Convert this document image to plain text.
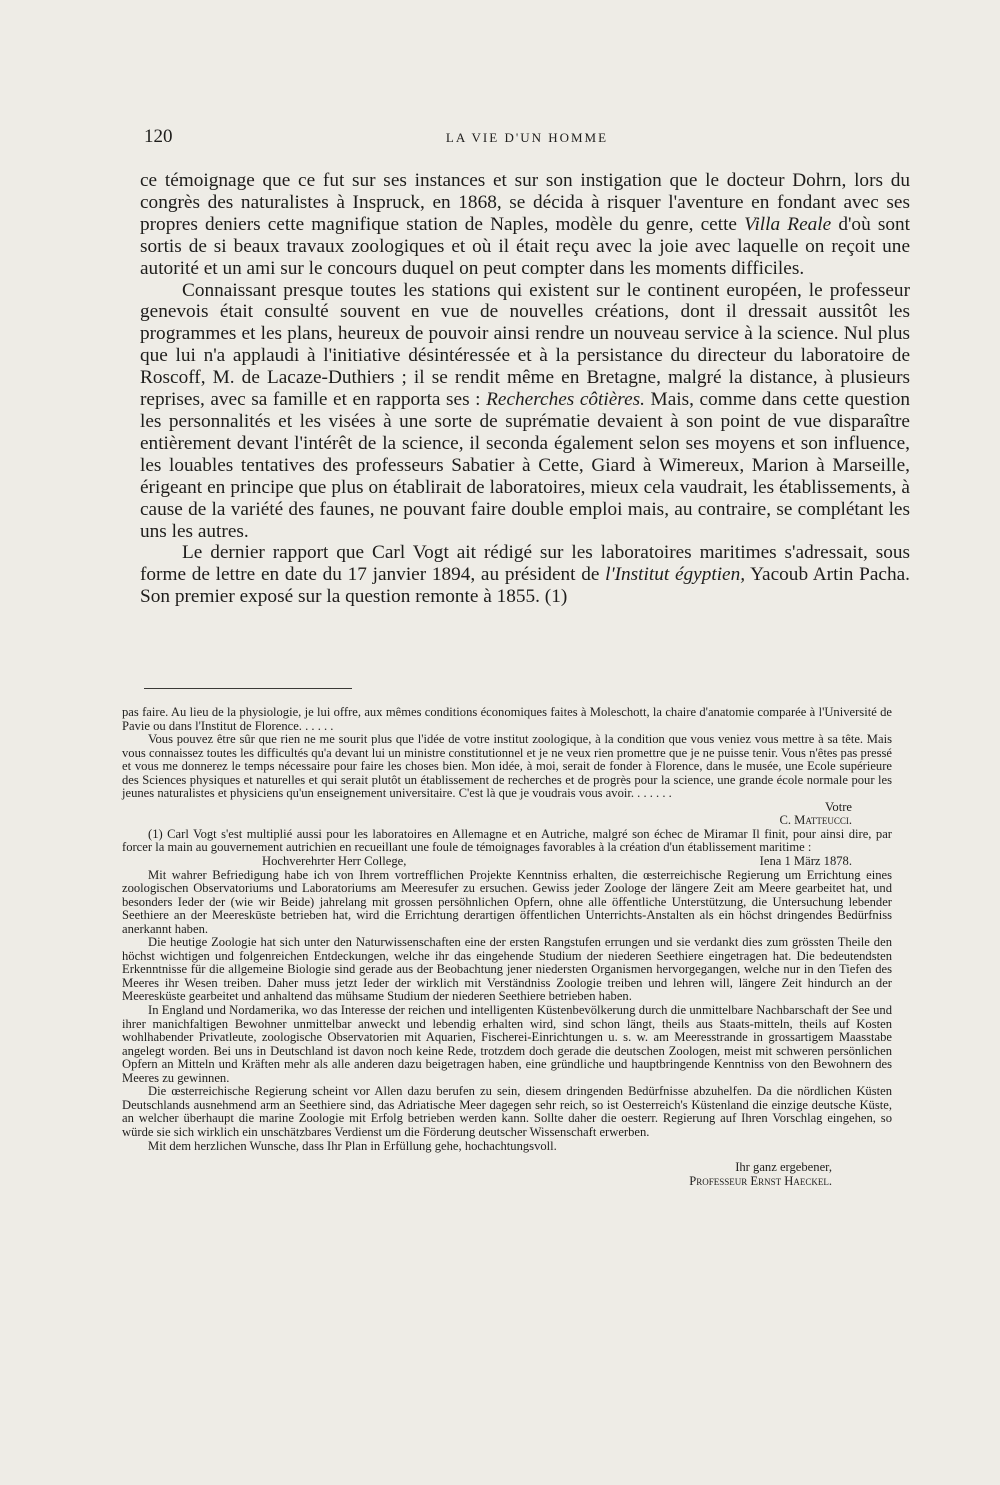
120	LA VIE D'UN HOMME

ce témoignage que ce fut sur ses instances et sur son instigation que le docteur Dohrn, lors du congrès des naturalistes à Inspruck, en 1868, se décida à risquer l'aventure en fondant avec ses propres deniers cette magnifique station de Naples, modèle du genre, cette Villa Reale d'où sont sortis de si beaux travaux zoologiques et où il était reçu avec la joie avec laquelle on reçoit une autorité et un ami sur le concours duquel on peut compter dans les moments difficiles.

Connaissant presque toutes les stations qui existent sur le continent européen, le professeur genevois était consulté souvent en vue de nouvelles créations, dont il dressait aussitôt les programmes et les plans, heureux de pouvoir ainsi rendre un nouveau service à la science. Nul plus que lui n'a applaudi à l'initiative désintéressée et à la persistance du directeur du laboratoire de Roscoff, M. de Lacaze-Duthiers ; il se rendit même en Bretagne, malgré la distance, à plusieurs reprises, avec sa famille et en rapporta ses : Recherches côtières. Mais, comme dans cette question les personnalités et les visées à une sorte de suprématie devaient à son point de vue disparaître entièrement devant l'intérêt de la science, il seconda également selon ses moyens et son influence, les louables tentatives des professeurs Sabatier à Cette, Giard à Wimereux, Marion à Marseille, érigeant en principe que plus on établirait de laboratoires, mieux cela vaudrait, les établissements, à cause de la variété des faunes, ne pouvant faire double emploi mais, au contraire, se complétant les uns les autres.

Le dernier rapport que Carl Vogt ait rédigé sur les laboratoires maritimes s'adressait, sous forme de lettre en date du 17 janvier 1894, au président de l'Institut égyptien, Yacoub Artin Pacha. Son premier exposé sur la question remonte à 1855. (1)

pas faire. Au lieu de la physiologie, je lui offre, aux mêmes conditions économiques faites à Moleschott, la chaire d'anatomie comparée à l'Université de Pavie ou dans l'Institut de Florence. . . . . .

Vous pouvez être sûr que rien ne me sourit plus que l'idée de votre institut zoologique, à la condition que vous veniez vous mettre à sa tête. Mais vous connaissez toutes les difficultés qu'a devant lui un ministre constitutionnel et je ne veux rien promettre que je ne puisse tenir. Vous n'êtes pas pressé et vous me donnerez le temps nécessaire pour faire les choses bien. Mon idée, à moi, serait de fonder à Florence, dans le musée, une Ecole supérieure des Sciences physiques et naturelles et qui serait plutôt un établissement de recherches et de progrès pour la science, une grande école normale pour les jeunes naturalistes et physiciens qu'un enseignement universitaire. C'est là que je voudrais vous avoir. . . . . . .

Votre

C. Matteucci.

(1) Carl Vogt s'est multiplié aussi pour les laboratoires en Allemagne et en Autriche, malgré son échec de Miramar Il finit, pour ainsi dire, par forcer la main au gouvernement autrichien en recueillant une foule de témoignages favorables à la création d'un établissement maritime :

Hochverehrter Herr College,	Iena 1 März 1878.

Mit wahrer Befriedigung habe ich von Ihrem vortrefflichen Projekte Kenntniss erhalten, die œsterreichische Regierung um Errichtung eines zoologischen Observatoriums und Laboratoriums am Meeresufer zu ersuchen. Gewiss jeder Zoologe der längere Zeit am Meere gearbeitet hat, und besonders Ieder der (wie wir Beide) jahrelang mit grossen persöhnlichen Opfern, ohne alle öffentliche Unterstützung, die Untersuchung lebender Seethiere an der Meereskūste betrieben hat, wird die Errichtung derartigen öffentlichen Unterrichts-Anstalten als ein höchst dringendes Bedürfniss anerkannt haben.

Die heutige Zoologie hat sich unter den Naturwissenschaften eine der ersten Rangstufen errungen und sie verdankt dies zum grössten Theile den höchst wichtigen und folgenreichen Entdeckungen, welche ihr das eingehende Studium der niederen Seethiere eingetragen hat. Die bedeutendsten Erkenntnisse für die allgemeine Biologie sind gerade aus der Beobachtung jener niedersten Organismen hervorgegangen, welche nur in den Tiefen des Meeres ihr Wesen treiben. Daher muss jetzt Ieder der wirklich mit Verständniss Zoologie treiben und lehren will, längere Zeit hindurch an der Meeresküste gearbeitet und anhaltend das mühsame Studium der niederen Seethiere betrieben haben.

In England und Nordamerika, wo das Interesse der reichen und intelligenten Küstenbevölkerung durch die unmittelbare Nachbarschaft der See und ihrer manichfaltigen Bewohner unmittelbar anweckt und lebendig erhalten wird, sind schon längt, theils aus Staats-mitteln, theils auf Kosten wohlhabender Privatleute, zoologische Observatorien mit Aquarien, Fischerei-Einrichtungen u. s. w. am Meeresstrande in grossartigem Maasstabe angelegt worden. Bei uns in Deutschland ist davon noch keine Rede, trotzdem doch gerade die deutschen Zoologen, meist mit schweren persönlichen Opfern an Mitteln und Kräften mehr als alle anderen dazu beigetragen haben, eine gründliche und hauptbringende Kenntniss von den Bewohnern des Meeres zu gewinnen.

Die œsterreichische Regierung scheint vor Allen dazu berufen zu sein, diesem dringenden Bedürfnisse abzuhelfen. Da die nördlichen Küsten Deutschlands ausnehmend arm an Seethiere sind, das Adriatische Meer dagegen sehr reich, so ist Oesterreich's Küstenland die einzige deutsche Küste, an welcher überhaupt die marine Zoologie mit Erfolg betrieben werden kann. Sollte daher die oesterr. Regierung auf Ihren Vorschlag eingehen, so würde sie sich wirklich ein unschätzbares Verdienst um die Förderung deutscher Wissenschaft erwerben.

Mit dem herzlichen Wunsche, dass Ihr Plan in Erfüllung gehe, hochachtungsvoll.

Ihr ganz ergebener,

Professeur Ernst Haeckel.
